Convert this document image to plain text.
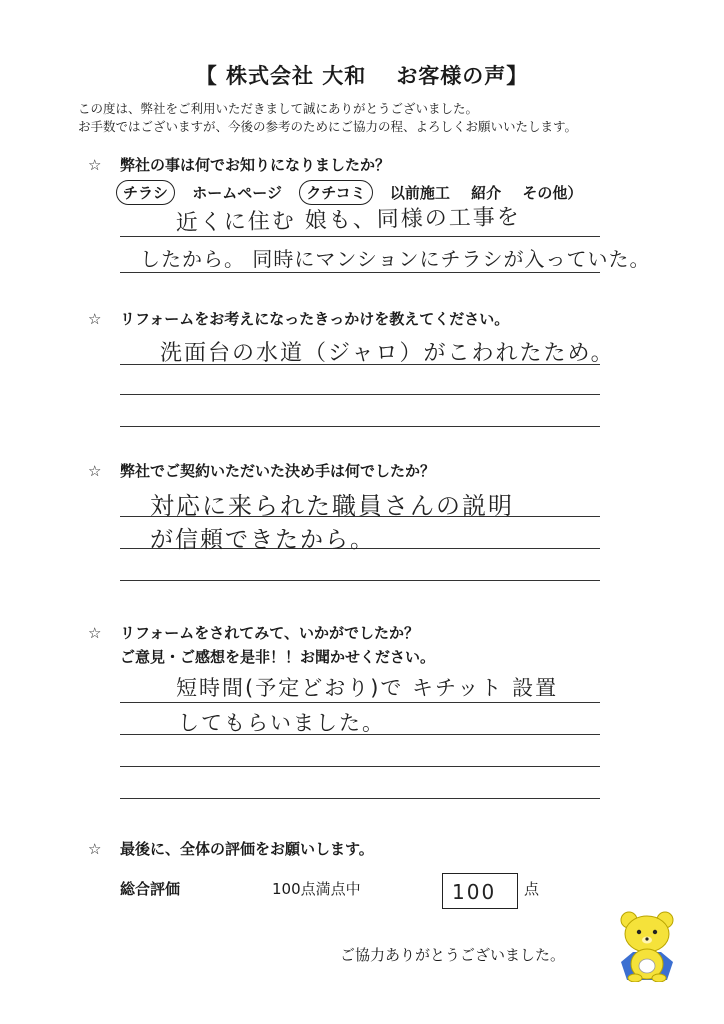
【 株式会社 大和 お客様の声】
この度は、弊社をご利用いただきまして誠にありがとうございました。
お手数ではございますが、今後の参考のためにご協力の程、よろしくお願いいたします。
☆ 弊社の事は何でお知りになりましたか？
チラシ ホームページ クチコミ 以前施工 紹介 その他）
近くに住む 娘も、同様の工事を
したから。 同時にマンションにチラシが入っていた。
☆ リフォームをお考えになったきっかけを教えてください。
洗面台の水道（ジャロ）がこわれたため。
☆ 弊社でご契約いただいた決め手は何でしたか？
対応に来られた職員さんの説明
が信頼できたから。
☆ リフォームをされてみて、いかがでしたか？
ご意見・ご感想を是非！！お聞かせください。
短時間(予定どおり)で キチット 設置
してもらいました。
☆ 最後に、全体の評価をお願いします。
総合評価	100点満点中	100 点
ご協力ありがとうございました。
